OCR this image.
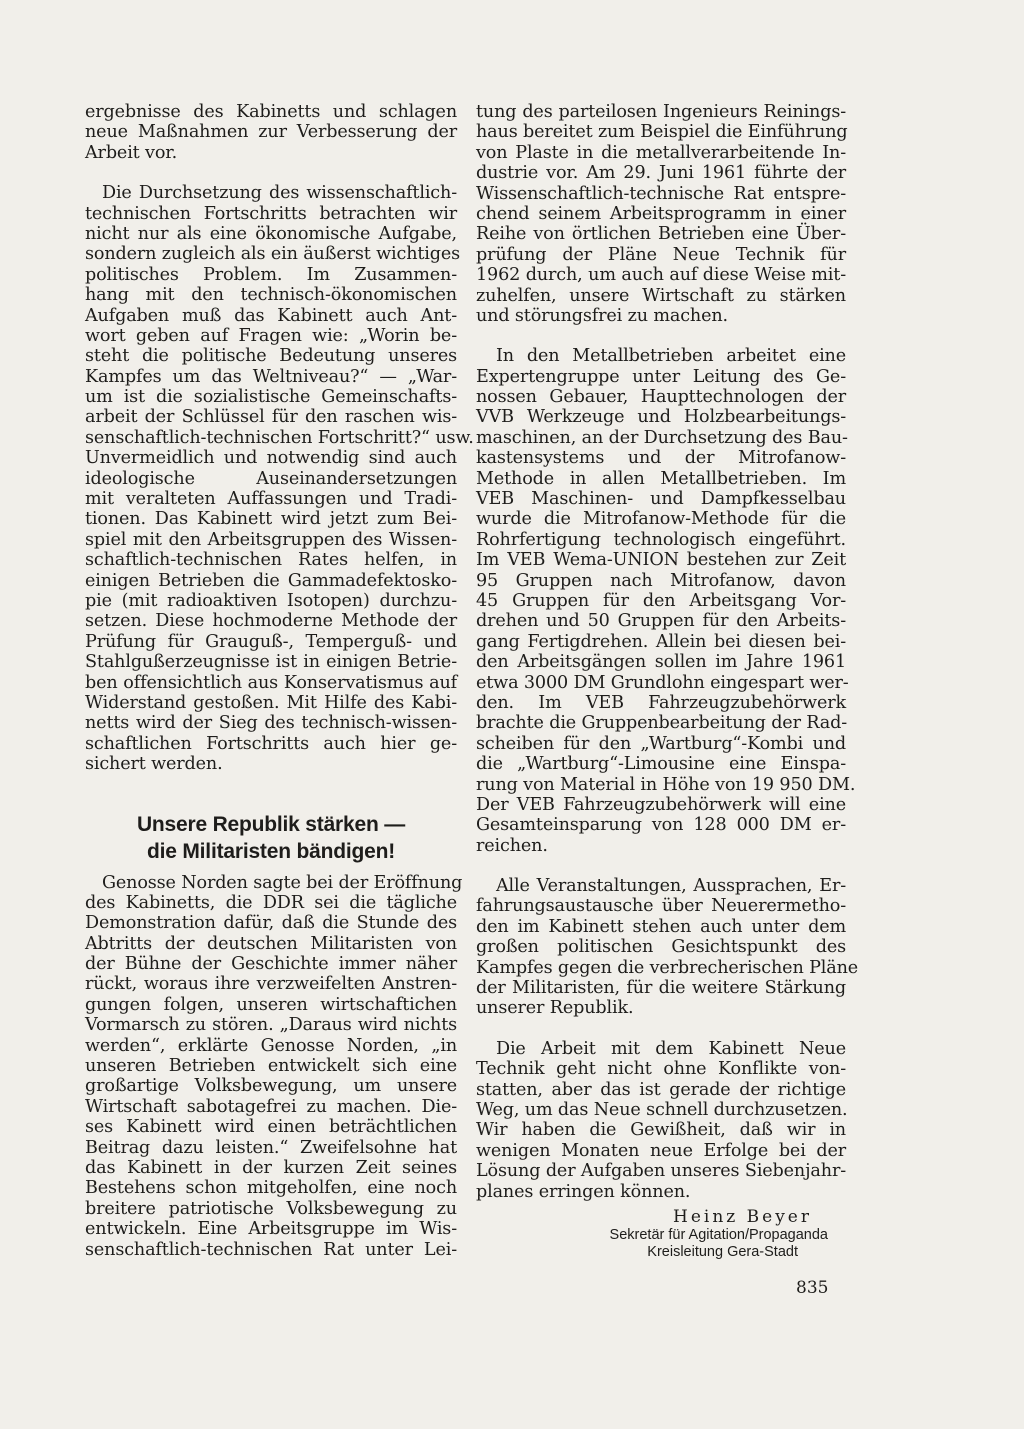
ergebnisse des Kabinetts und schlagen
neue Maßnahmen zur Verbesserung der
Arbeit vor.
Die Durchsetzung des wissenschaftlich-
technischen Fortschritts betrachten wir
nicht nur als eine ökonomische Aufgabe,
sondern zugleich als ein äußerst wichtiges
politisches Problem. Im Zusammen-
hang mit den technisch-ökonomischen
Aufgaben muß das Kabinett auch Ant-
wort geben auf Fragen wie: „Worin be-
steht die politische Bedeutung unseres
Kampfes um das Weltniveau?“ — „War-
um ist die sozialistische Gemeinschafts-
arbeit der Schlüssel für den raschen wis-
senschaftlich-technischen Fortschritt?“ usw.
Unvermeidlich und notwendig sind auch
ideologische Auseinandersetzungen
mit veralteten Auffassungen und Tradi-
tionen. Das Kabinett wird jetzt zum Bei-
spiel mit den Arbeitsgruppen des Wissen-
schaftlich-technischen Rates helfen, in
einigen Betrieben die Gammadefektosko-
pie (mit radioaktiven Isotopen) durchzu-
setzen. Diese hochmoderne Methode der
Prüfung für Grauguß-, Temperguß- und
Stahlgußerzeugnisse ist in einigen Betrie-
ben offensichtlich aus Konservatismus auf
Widerstand gestoßen. Mit Hilfe des Kabi-
netts wird der Sieg des technisch-wissen-
schaftlichen Fortschritts auch hier ge-
sichert werden.
Unsere Republik stärken —
die Militaristen bändigen!
Genosse Norden sagte bei der Eröffnung
des Kabinetts, die DDR sei die tägliche
Demonstration dafür, daß die Stunde des
Abtritts der deutschen Militaristen von
der Bühne der Geschichte immer näher
rückt, woraus ihre verzweifelten Anstren-
gungen folgen, unseren wirtschaftichen
Vormarsch zu stören. „Daraus wird nichts
werden“, erklärte Genosse Norden, „in
unseren Betrieben entwickelt sich eine
großartige Volksbewegung, um unsere
Wirtschaft sabotagefrei zu machen. Die-
ses Kabinett wird einen beträchtlichen
Beitrag dazu leisten.“ Zweifelsohne hat
das Kabinett in der kurzen Zeit seines
Bestehens schon mitgeholfen, eine noch
breitere patriotische Volksbewegung zu
entwickeln. Eine Arbeitsgruppe im Wis-
senschaftlich-technischen Rat unter Lei-
tung des parteilosen Ingenieurs Reinings-
haus bereitet zum Beispiel die Einführung
von Plaste in die metallverarbeitende In-
dustrie vor. Am 29. Juni 1961 führte der
Wissenschaftlich-technische Rat entspre-
chend seinem Arbeitsprogramm in einer
Reihe von örtlichen Betrieben eine Über-
prüfung der Pläne Neue Technik für
1962 durch, um auch auf diese Weise mit-
zuhelfen, unsere Wirtschaft zu stärken
und störungsfrei zu machen.
In den Metallbetrieben arbeitet eine
Expertengruppe unter Leitung des Ge-
nossen Gebauer, Haupttechnologen der
VVB Werkzeuge und Holzbearbeitungs-
maschinen, an der Durchsetzung des Bau-
kastensystems und der Mitrofanow-
Methode in allen Metallbetrieben. Im
VEB Maschinen- und Dampfkesselbau
wurde die Mitrofanow-Methode für die
Rohrfertigung technologisch eingeführt.
Im VEB Wema-UNION bestehen zur Zeit
95 Gruppen nach Mitrofanow, davon
45 Gruppen für den Arbeitsgang Vor-
drehen und 50 Gruppen für den Arbeits-
gang Fertigdrehen. Allein bei diesen bei-
den Arbeitsgängen sollen im Jahre 1961
etwa 3000 DM Grundlohn eingespart wer-
den. Im VEB Fahrzeugzubehörwerk
brachte die Gruppenbearbeitung der Rad-
scheiben für den „Wartburg“-Kombi und
die „Wartburg“-Limousine eine Einspa-
rung von Material in Höhe von 19 950 DM.
Der VEB Fahrzeugzubehörwerk will eine
Gesamteinsparung von 128 000 DM er-
reichen.
Alle Veranstaltungen, Aussprachen, Er-
fahrungsaustausche über Neuerermetho-
den im Kabinett stehen auch unter dem
großen politischen Gesichtspunkt des
Kampfes gegen die verbrecherischen Pläne
der Militaristen, für die weitere Stärkung
unserer Republik.
Die Arbeit mit dem Kabinett Neue
Technik geht nicht ohne Konflikte von-
statten, aber das ist gerade der richtige
Weg, um das Neue schnell durchzusetzen.
Wir haben die Gewißheit, daß wir in
wenigen Monaten neue Erfolge bei der
Lösung der Aufgaben unseres Siebenjahr-
planes erringen können.
Heinz Beyer
Sekretär für Agitation/Propaganda
Kreisleitung Gera-Stadt
835
